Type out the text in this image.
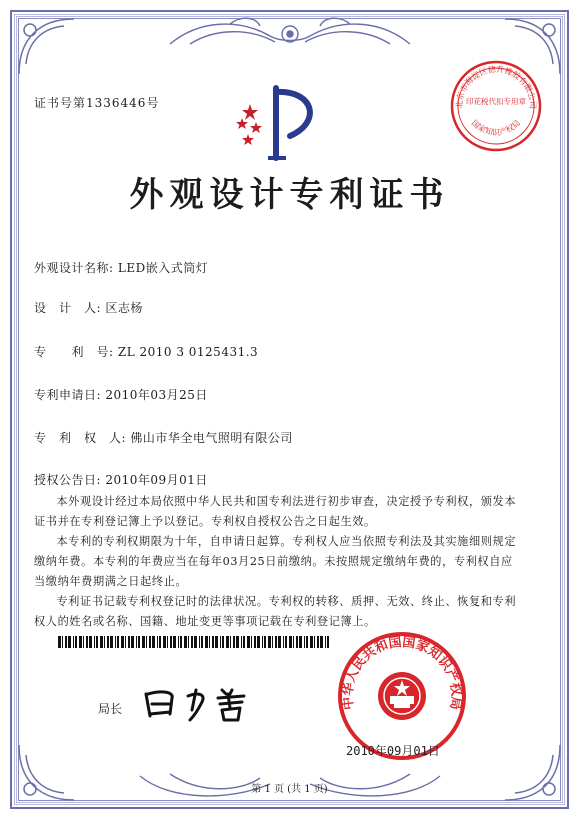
证书号第1336446号	北京市海淀区德升橡胶有限公司
印花税代扣专用章
国家知识产权局
外观设计专利证书
外观设计名称: LED嵌入式筒灯
设　计　人: 区志杨
专　　利　号: ZL 2010 3 0125431.3
专利申请日: 2010年03月25日
专　利　权　人: 佛山市华全电气照明有限公司
授权公告日: 2010年09月01日
本外观设计经过本局依照中华人民共和国专利法进行初步审查，决定授予专利权，颁发本证书并在专利登记簿上予以登记。专利权自授权公告之日起生效。
本专利的专利权期限为十年，自申请日起算。专利权人应当依照专利法及其实施细则规定缴纳年费。本专利的年费应当在每年03月25日前缴纳。未按照规定缴纳年费的，专利权自应当缴纳年费期满之日起终止。
专利证书记载专利权登记时的法律状况。专利权的转移、质押、无效、终止、恢复和专利权人的姓名或名称、国籍、地址变更等事项记载在专利登记簿上。
局长	中华人民共和国国家知识产权局
2010年09月01日
第 1 页 (共 1 页)
